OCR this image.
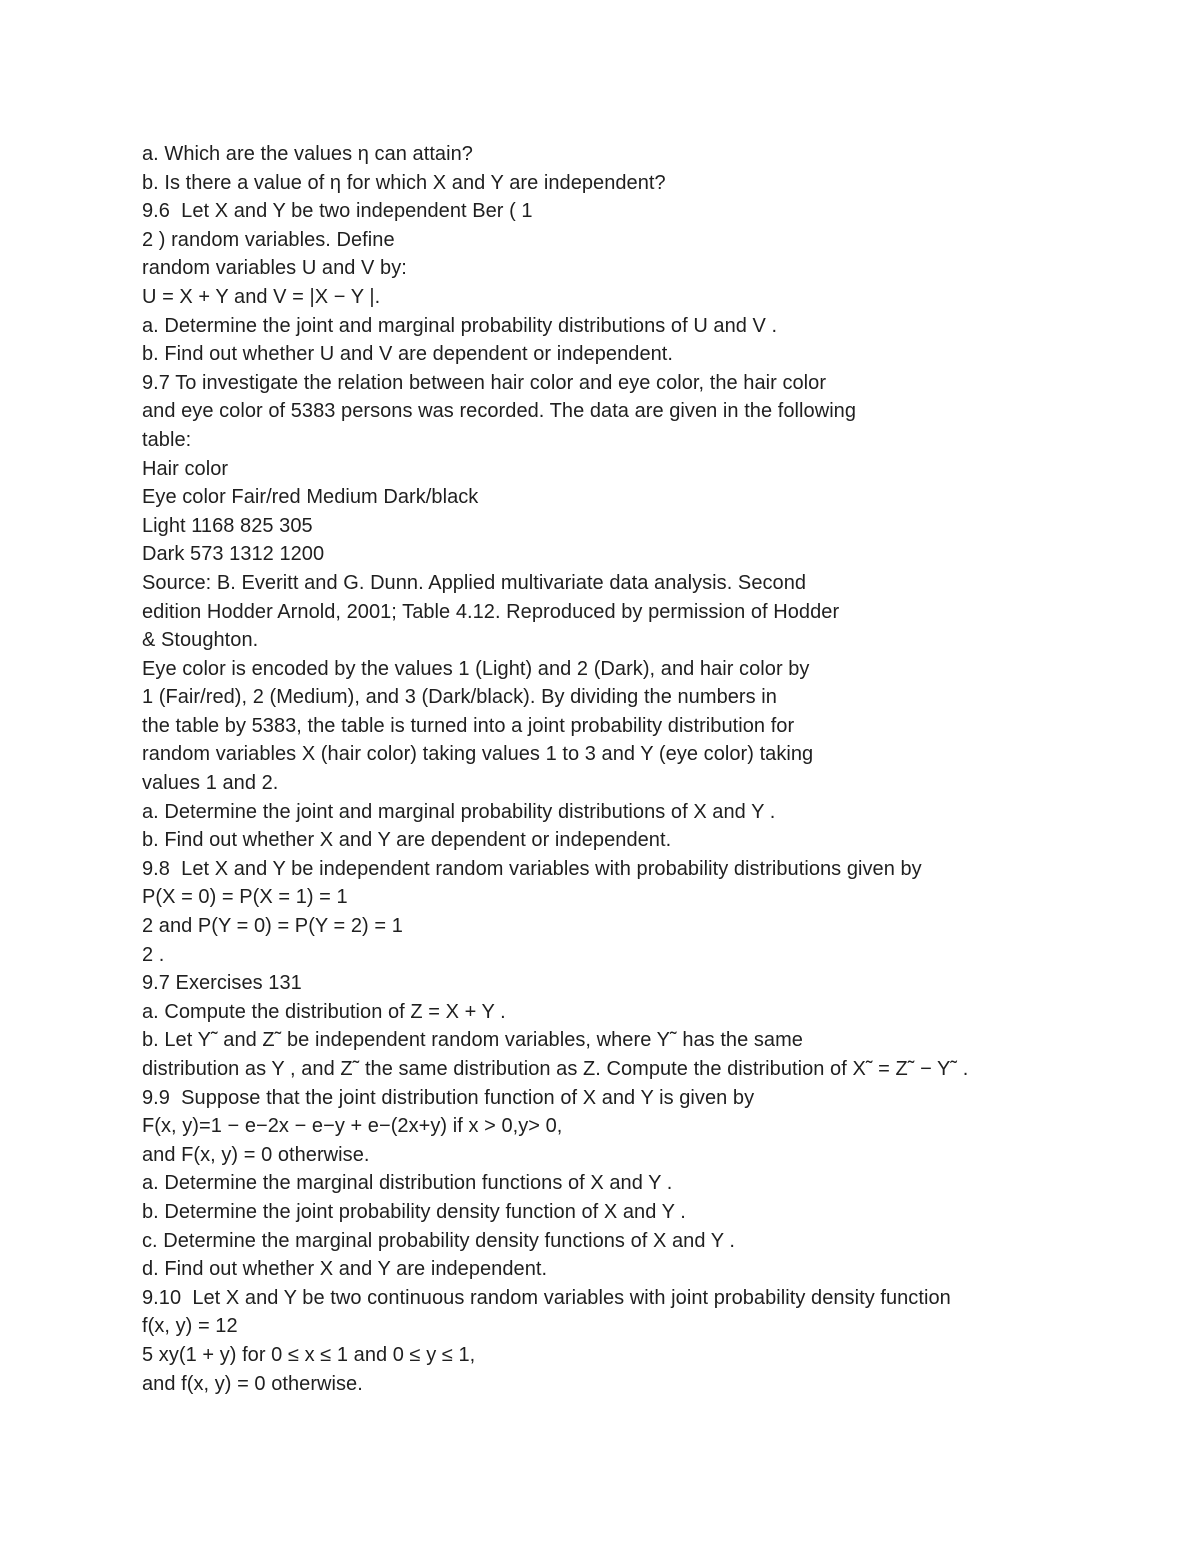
a. Which are the values η can attain?
b. Is there a value of η for which X and Y are independent?
9.6  Let X and Y be two independent Ber ( 1
2 ) random variables. Define
random variables U and V by:
U = X + Y and V = |X − Y |.
a. Determine the joint and marginal probability distributions of U and V .
b. Find out whether U and V are dependent or independent.
9.7 To investigate the relation between hair color and eye color, the hair color
and eye color of 5383 persons was recorded. The data are given in the following
table:
Hair color
Eye color Fair/red Medium Dark/black
Light 1168 825 305
Dark 573 1312 1200
Source: B. Everitt and G. Dunn. Applied multivariate data analysis. Second
edition Hodder Arnold, 2001; Table 4.12. Reproduced by permission of Hodder
& Stoughton.
Eye color is encoded by the values 1 (Light) and 2 (Dark), and hair color by
1 (Fair/red), 2 (Medium), and 3 (Dark/black). By dividing the numbers in
the table by 5383, the table is turned into a joint probability distribution for
random variables X (hair color) taking values 1 to 3 and Y (eye color) taking
values 1 and 2.
a. Determine the joint and marginal probability distributions of X and Y .
b. Find out whether X and Y are dependent or independent.
9.8  Let X and Y be independent random variables with probability distributions given by
P(X = 0) = P(X = 1) = 1
2 and P(Y = 0) = P(Y = 2) = 1
2 .
9.7 Exercises 131
a. Compute the distribution of Z = X + Y .
b. Let Y˜ and Z˜ be independent random variables, where Y˜ has the same
distribution as Y , and Z˜ the same distribution as Z. Compute the distribution of X˜ = Z˜ − Y˜ .
9.9  Suppose that the joint distribution function of X and Y is given by
F(x, y)=1 − e−2x − e−y + e−(2x+y) if x > 0,y> 0,
and F(x, y) = 0 otherwise.
a. Determine the marginal distribution functions of X and Y .
b. Determine the joint probability density function of X and Y .
c. Determine the marginal probability density functions of X and Y .
d. Find out whether X and Y are independent.
9.10  Let X and Y be two continuous random variables with joint probability density function
f(x, y) = 12
5 xy(1 + y) for 0 ≤ x ≤ 1 and 0 ≤ y ≤ 1,
and f(x, y) = 0 otherwise.
